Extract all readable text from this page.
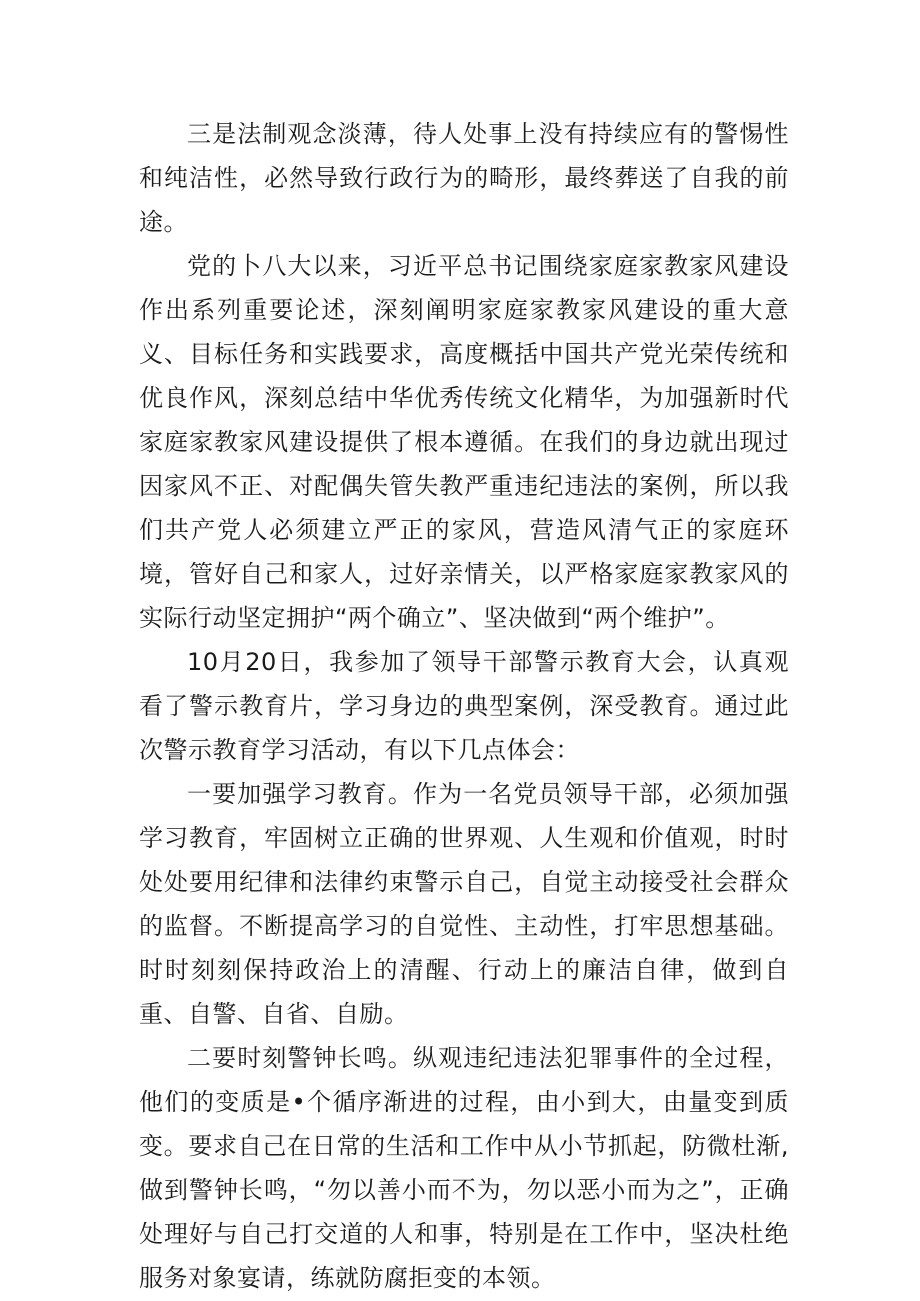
三是法制观念淡薄，待人处事上没有持续应有的警惕性和纯洁性，必然导致行政行为的畸形，最终葬送了自我的前途。

党的卜八大以来，习近平总书记围绕家庭家教家风建设作出系列重要论述，深刻阐明家庭家教家风建设的重大意义、目标任务和实践要求，高度概括中国共产党光荣传统和优良作风，深刻总结中华优秀传统文化精华，为加强新时代家庭家教家风建设提供了根本遵循。在我们的身边就出现过因家风不正、对配偶失管失教严重违纪违法的案例，所以我们共产党人必须建立严正的家风，营造风清气正的家庭环境，管好自己和家人，过好亲情关，以严格家庭家教家风的实际行动坚定拥护“两个确立”、坚决做到“两个维护”。

10月20日，我参加了领导干部警示教育大会，认真观看了警示教育片，学习身边的典型案例，深受教育。通过此次警示教育学习活动，有以下几点体会：

一要加强学习教育。作为一名党员领导干部，必须加强学习教育，牢固树立正确的世界观、人生观和价值观，时时处处要用纪律和法律约束警示自己，自觉主动接受社会群众的监督。不断提高学习的自觉性、主动性，打牢思想基础。时时刻刻保持政治上的清醒、行动上的廉洁自律，做到自重、自警、自省、自励。

二要时刻警钟长鸣。纵观违纪违法犯罪事件的全过程，他们的变质是•个循序渐进的过程，由小到大，由量变到质变。要求自己在日常的生活和工作中从小节抓起，防微杜渐,做到警钟长鸣，“勿以善小而不为，勿以恶小而为之”，正确处理好与自己打交道的人和事，特别是在工作中，坚决杜绝服务对象宴请，练就防腐拒变的本领。
